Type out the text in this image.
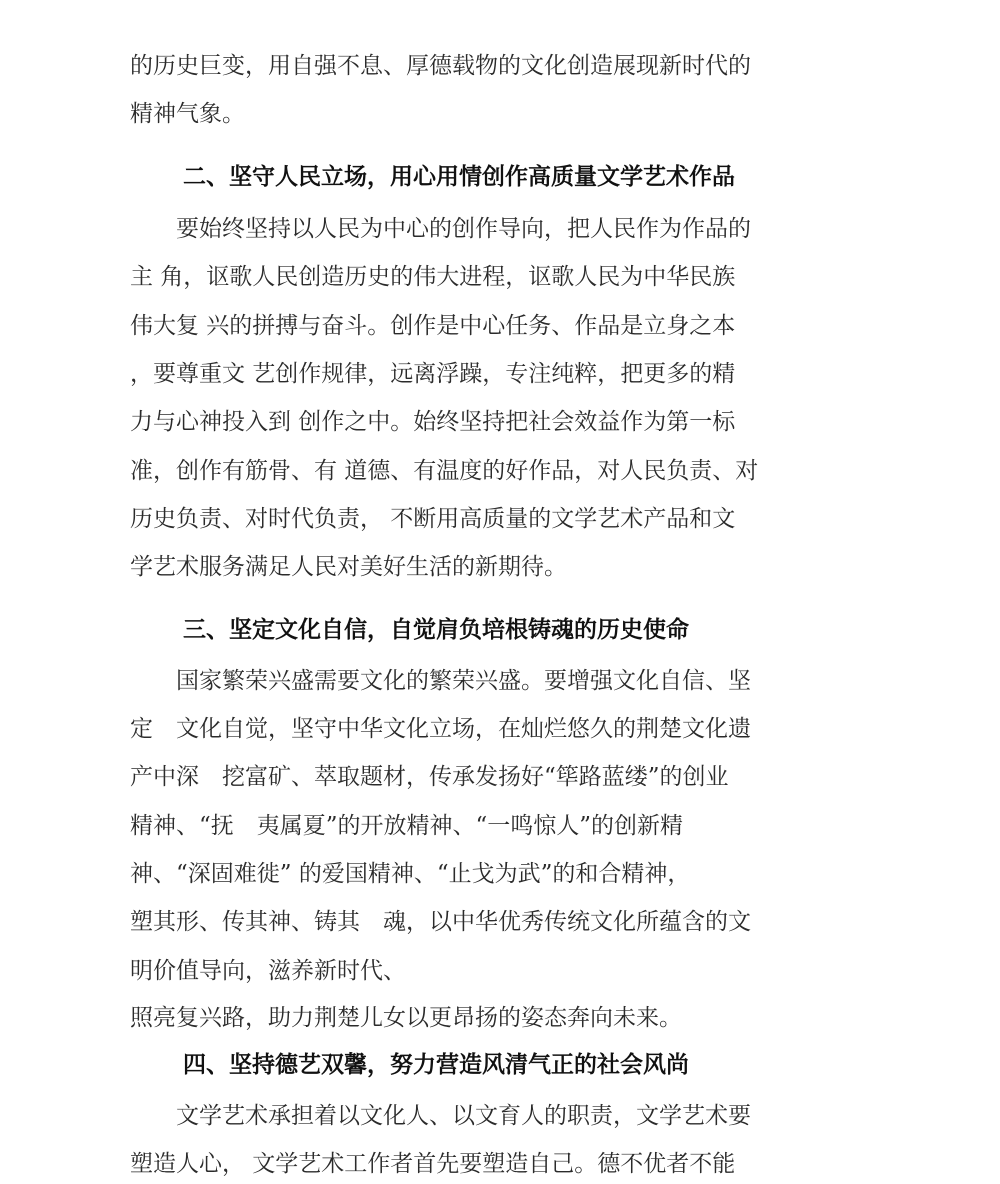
的历史巨变，用自强不息、厚德载物的文化创造展现新时代的
精神气象。
二、坚守人民立场，用心用情创作高质量文学艺术作品
　　要始终坚持以人民为中心的创作导向，把人民作为作品的
主 角，讴歌人民创造历史的伟大进程，讴歌人民为中华民族
伟大复 兴的拼搏与奋斗。创作是中心任务、作品是立身之本
，要尊重文 艺创作规律，远离浮躁，专注纯粹，把更多的精
力与心神投入到 创作之中。始终坚持把社会效益作为第一标
准，创作有筋骨、有 道德、有温度的好作品，对人民负责、对
历史负责、对时代负责， 不断用高质量的文学艺术产品和文
学艺术服务满足人民对美好生活的新期待。
三、坚定文化自信，自觉肩负培根铸魂的历史使命
　　国家繁荣兴盛需要文化的繁荣兴盛。要增强文化自信、坚
定　文化自觉，坚守中华文化立场，在灿烂悠久的荆楚文化遗
产中深　挖富矿、萃取题材，传承发扬好“筚路蓝缕”的创业
精神、“抚　夷属夏”的开放精神、“一鸣惊人”的创新精
神、“深固难徙” 的爱国精神、“止戈为武”的和合精神，
塑其形、传其神、铸其　魂，以中华优秀传统文化所蕴含的文
明价值导向，滋养新时代、
照亮复兴路，助力荆楚儿女以更昂扬的姿态奔向未来。
四、坚持德艺双馨，努力营造风清气正的社会风尚
　　文学艺术承担着以文化人、以文育人的职责，文学艺术要
塑造人心， 文学艺术工作者首先要塑造自己。德不优者不能
